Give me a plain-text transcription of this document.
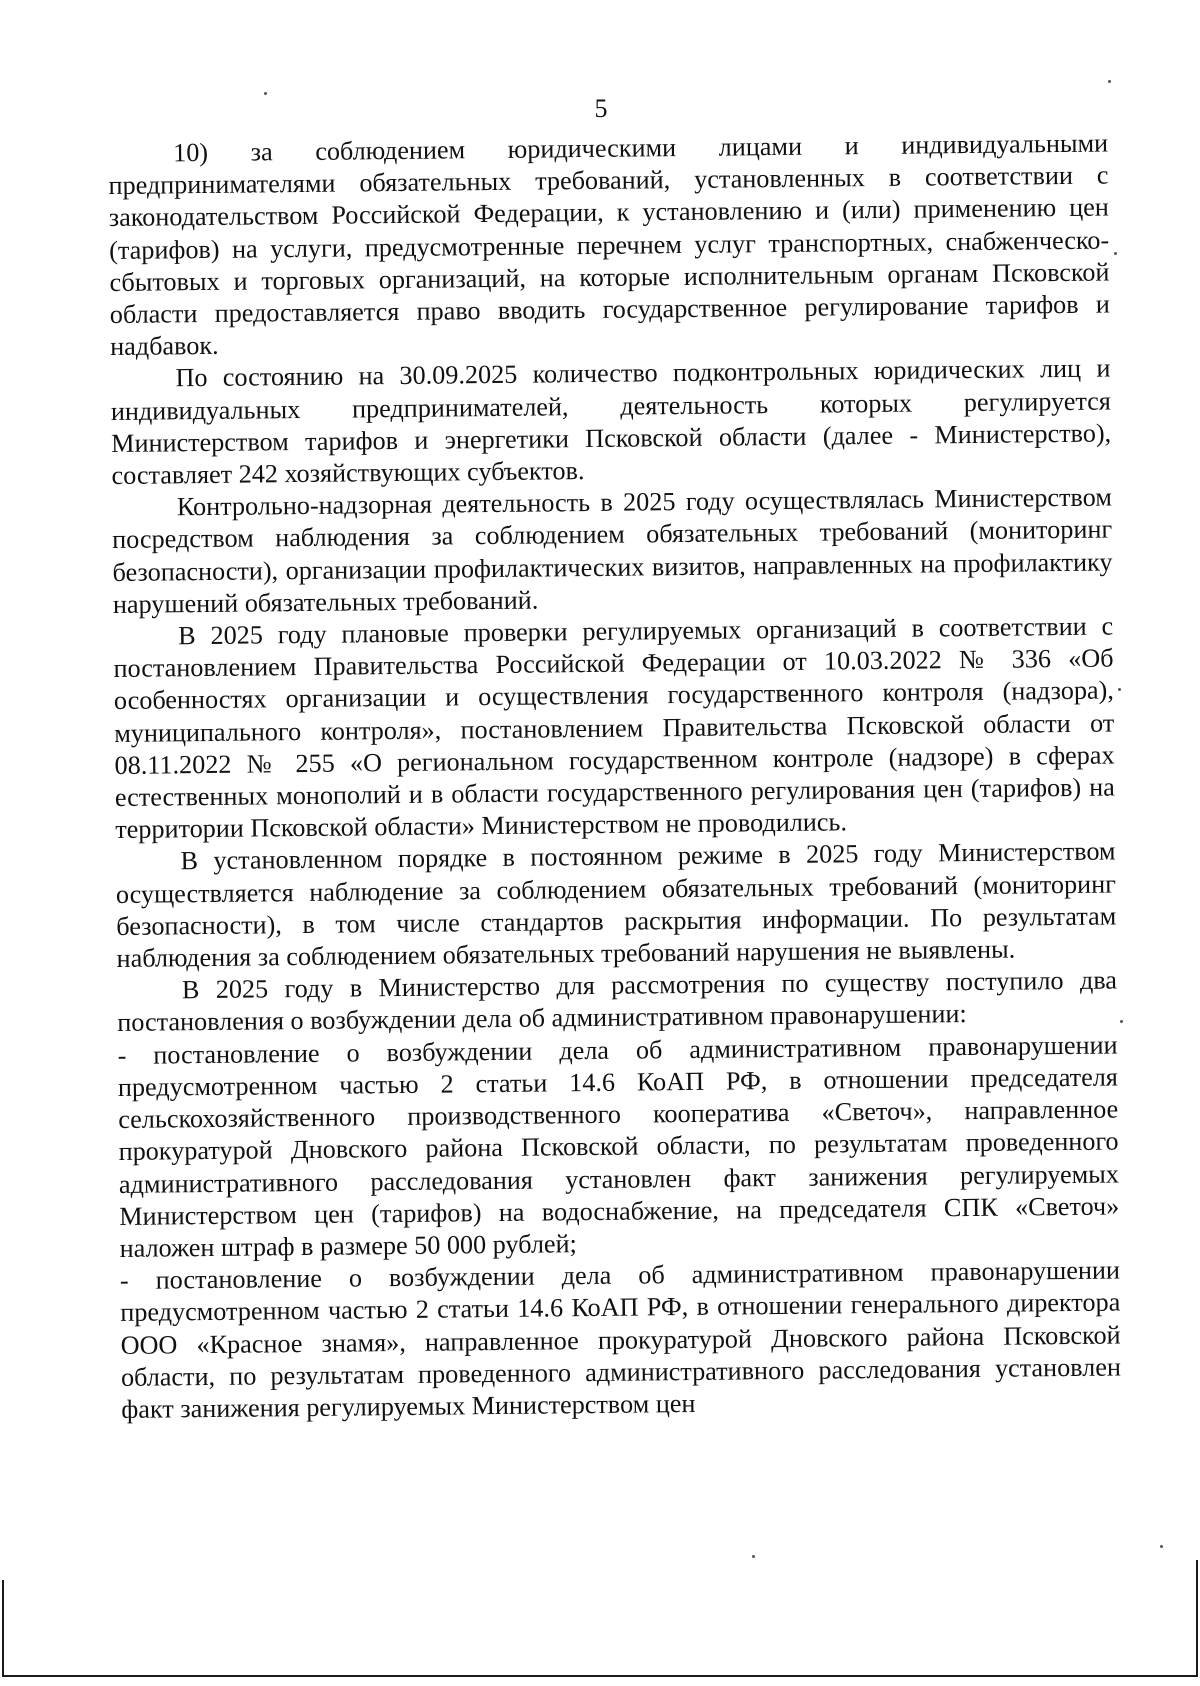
5

10) за соблюдением юридическими лицами и индивидуальными предпринимателями обязательных требований, установленных в соответствии с законодательством Российской Федерации, к установлению и (или) применению цен (тарифов) на услуги, предусмотренные перечнем услуг транспортных, снабженческо-сбытовых и торговых организаций, на которые исполнительным органам Псковской области предоставляется право вводить государственное регулирование тарифов и надбавок.

По состоянию на 30.09.2025 количество подконтрольных юридических лиц и индивидуальных предпринимателей, деятельность которых регулируется Министерством тарифов и энергетики Псковской области (далее - Министерство), составляет 242 хозяйствующих субъектов.

Контрольно-надзорная деятельность в 2025 году осуществлялась Министерством посредством наблюдения за соблюдением обязательных требований (мониторинг безопасности), организации профилактических визитов, направленных на профилактику нарушений обязательных требований.

В 2025 году плановые проверки регулируемых организаций в соответствии с постановлением Правительства Российской Федерации от 10.03.2022 № 336 «Об особенностях организации и осуществления государственного контроля (надзора), муниципального контроля», постановлением Правительства Псковской области от 08.11.2022 № 255 «О региональном государственном контроле (надзоре) в сферах естественных монополий и в области государственного регулирования цен (тарифов) на территории Псковской области» Министерством не проводились.

В установленном порядке в постоянном режиме в 2025 году Министерством осуществляется наблюдение за соблюдением обязательных требований (мониторинг безопасности), в том числе стандартов раскрытия информации. По результатам наблюдения за соблюдением обязательных требований нарушения не выявлены.

В 2025 году в Министерство для рассмотрения по существу поступило два постановления о возбуждении дела об административном правонарушении:

- постановление о возбуждении дела об административном правонарушении предусмотренном частью 2 статьи 14.6 КоАП РФ, в отношении председателя сельскохозяйственного производственного кооператива «Светоч», направленное прокуратурой Дновского района Псковской области, по результатам проведенного административного расследования установлен факт занижения регулируемых Министерством цен (тарифов) на водоснабжение, на председателя СПК «Светоч» наложен штраф в размере 50 000 рублей;

- постановление о возбуждении дела об административном правонарушении предусмотренном частью 2 статьи 14.6 КоАП РФ, в отношении генерального директора ООО «Красное знамя», направленное прокуратурой Дновского района Псковской области, по результатам проведенного административного расследования установлен факт занижения регулируемых Министерством цен
